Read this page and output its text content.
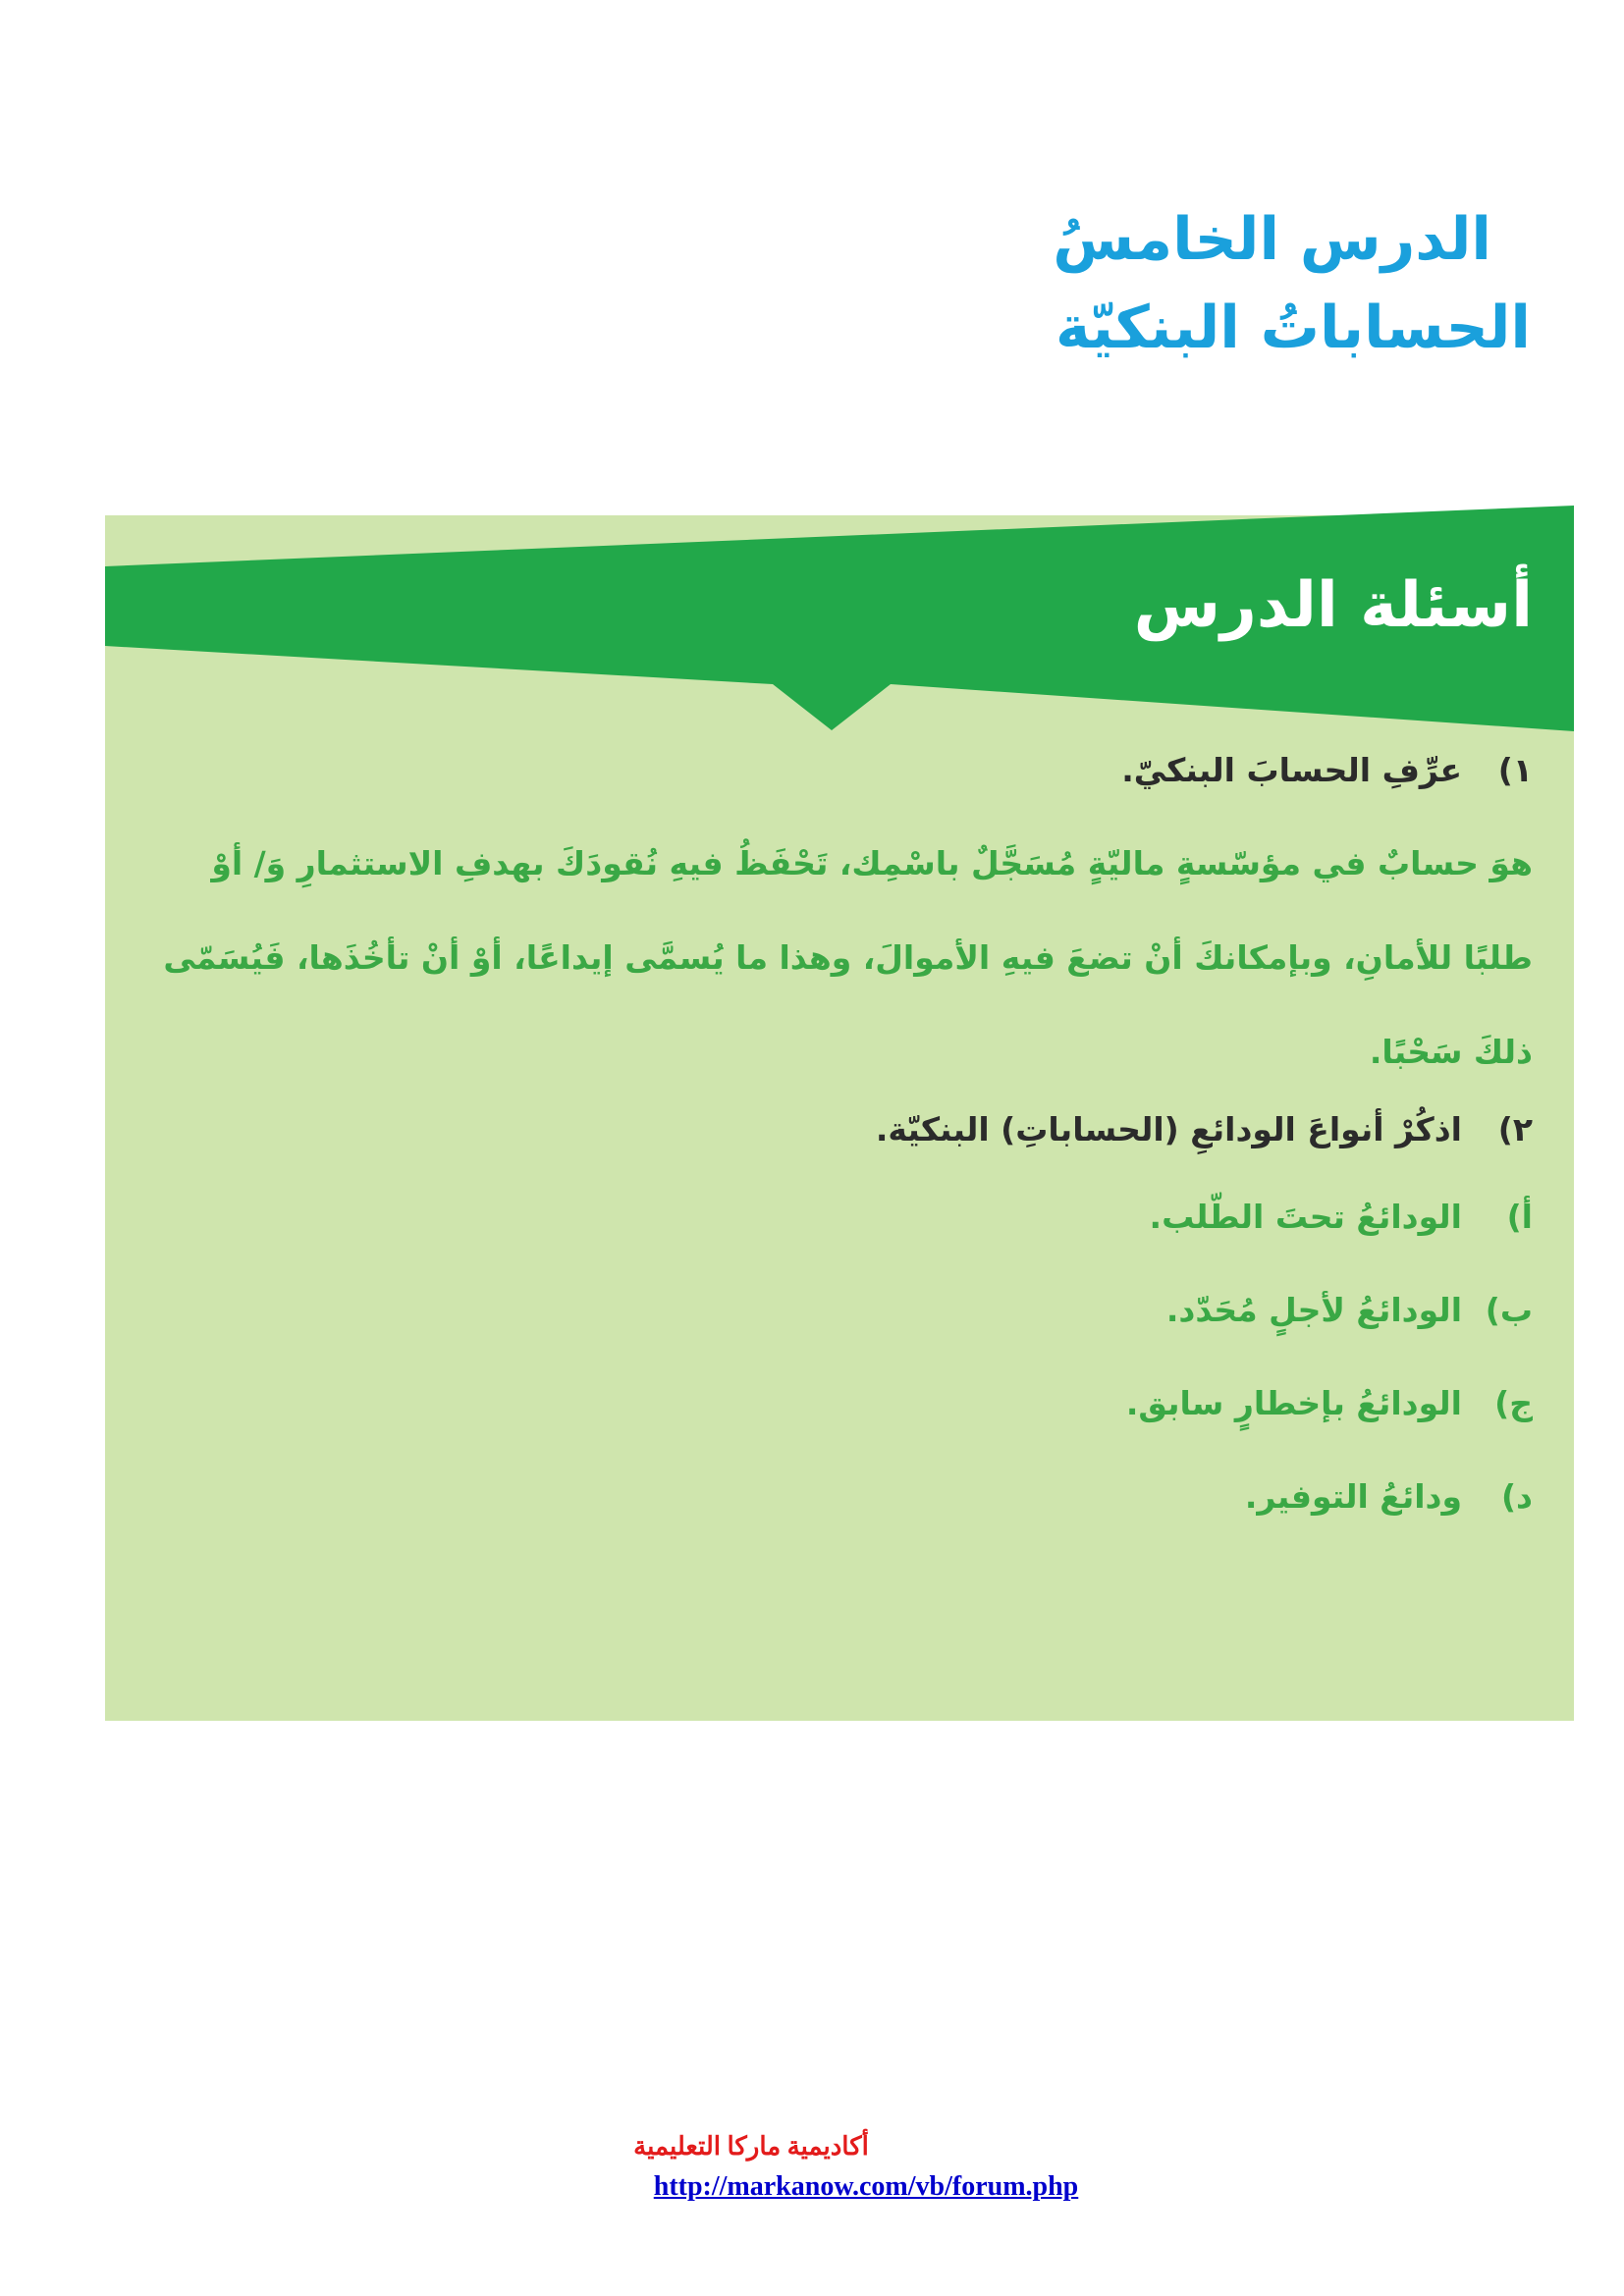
الدرس الخامسُ
الحساباتُ البنكيّة
أسئلة الدرس
١)عرِّفِ الحسابَ البنكيّ.
هوَ حسابٌ في مؤسّسةٍ ماليّةٍ مُسَجَّلٌ باسْمِك، تَحْفَظُ فيهِ نُقودَكَ بهدفِ الاستثمارِ وَ/ أوْ طلبًا للأمانِ، وبإمكانكَ أنْ تضعَ فيهِ الأموالَ، وهذا ما يُسمَّى إيداعًا، أوْ أنْ تأخُذَها، فَيُسَمّى ذلكَ سَحْبًا.
٢)اذكُرْ أنواعَ الودائعِ (الحساباتِ) البنكيّة.
أ)الودائعُ تحتَ الطّلب.
ب)الودائعُ لأجلٍ مُحَدّد.
ج)الودائعُ بإخطارٍ سابق.
د)ودائعُ التوفير.
أكاديمية ماركا التعليمية
http://markanow.com/vb/forum.php
